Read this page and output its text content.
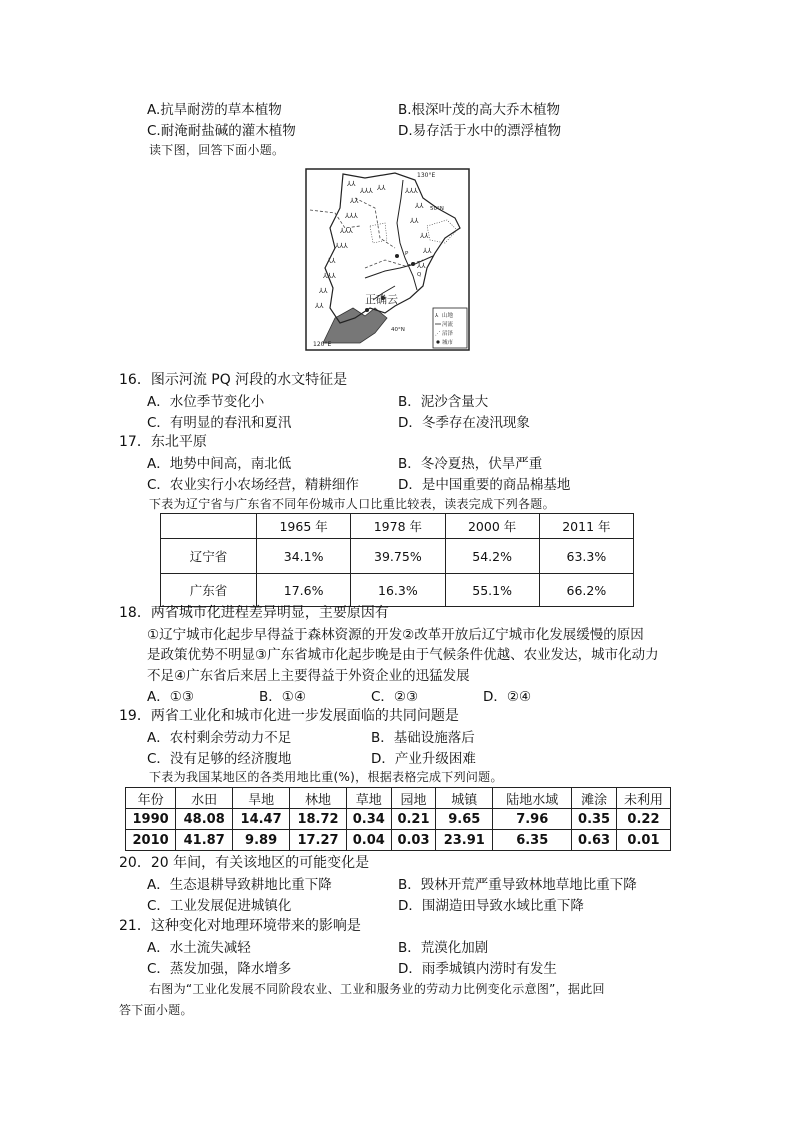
A.抗旱耐涝的草本植物	B.根深叶茂的高大乔木植物
C.耐淹耐盐碱的灌木植物	D.易存活于水中的漂浮植物
读下图，回答下面小题。
⅄⅄
⅄⅄⅄
⅄⅄
⅄⅄⅄
⅄⅄⅄
⅄⅄⅄
⅄⅄
⅄⅄⅄
⅄⅄
⅄⅄
⅄⅄	⅄⅄⅄
⅄⅄
⅄⅄
⅄⅄
⅄⅄
⅄⅄
130°E
120°E
50°N
40°N
P
Q
正确云
⅄ 山地
河流
⋰ 沼泽
城市
16．图示河流 PQ 河段的水文特征是
A．水位季节变化小	B．泥沙含量大
C．有明显的春汛和夏汛	D．冬季存在凌汛现象
17．东北平原
A．地势中间高，南北低	B．冬冷夏热，伏旱严重
C．农业实行小农场经营，精耕细作	D．是中国重要的商品棉基地
下表为辽宁省与广东省不同年份城市人口比重比较表，读表完成下列各题。
	1965 年	1978 年	2000 年	2011 年
辽宁省	34.1%	39.75%	54.2%	63.3%
广东省	17.6%	16.3%	55.1%	66.2%
18．两省城市化进程差异明显，主要原因有
①辽宁城市化起步早得益于森林资源的开发②改革开放后辽宁城市化发展缓慢的原因
是政策优势不明显③广东省城市化起步晚是由于气候条件优越、农业发达，城市化动力
不足④广东省后来居上主要得益于外资企业的迅猛发展
A．①③	B．①④	C．②③	D．②④
19．两省工业化和城市化进一步发展面临的共同问题是
A．农村剩余劳动力不足	B．基础设施落后
C．没有足够的经济腹地	D．产业升级困难
下表为我国某地区的各类用地比重(%)，根据表格完成下列问题。
年份	水田	旱地	林地	草地	园地	城镇	陆地水域	滩涂	未利用
1990	48.08	14.47	18.72	0.34	0.21	9.65	7.96	0.35	0.22
2010	41.87	9.89	17.27	0.04	0.03	23.91	6.35	0.63	0.01
20．20 年间，有关该地区的可能变化是
A．生态退耕导致耕地比重下降	B．毁林开荒严重导致林地草地比重下降
C．工业发展促进城镇化	D．围湖造田导致水域比重下降
21．这种变化对地理环境带来的影响是
A．水土流失减轻	B．荒漠化加剧
C．蒸发加强，降水增多	D．雨季城镇内涝时有发生
右图为“工业化发展不同阶段农业、工业和服务业的劳动力比例变化示意图”，据此回
答下面小题。
